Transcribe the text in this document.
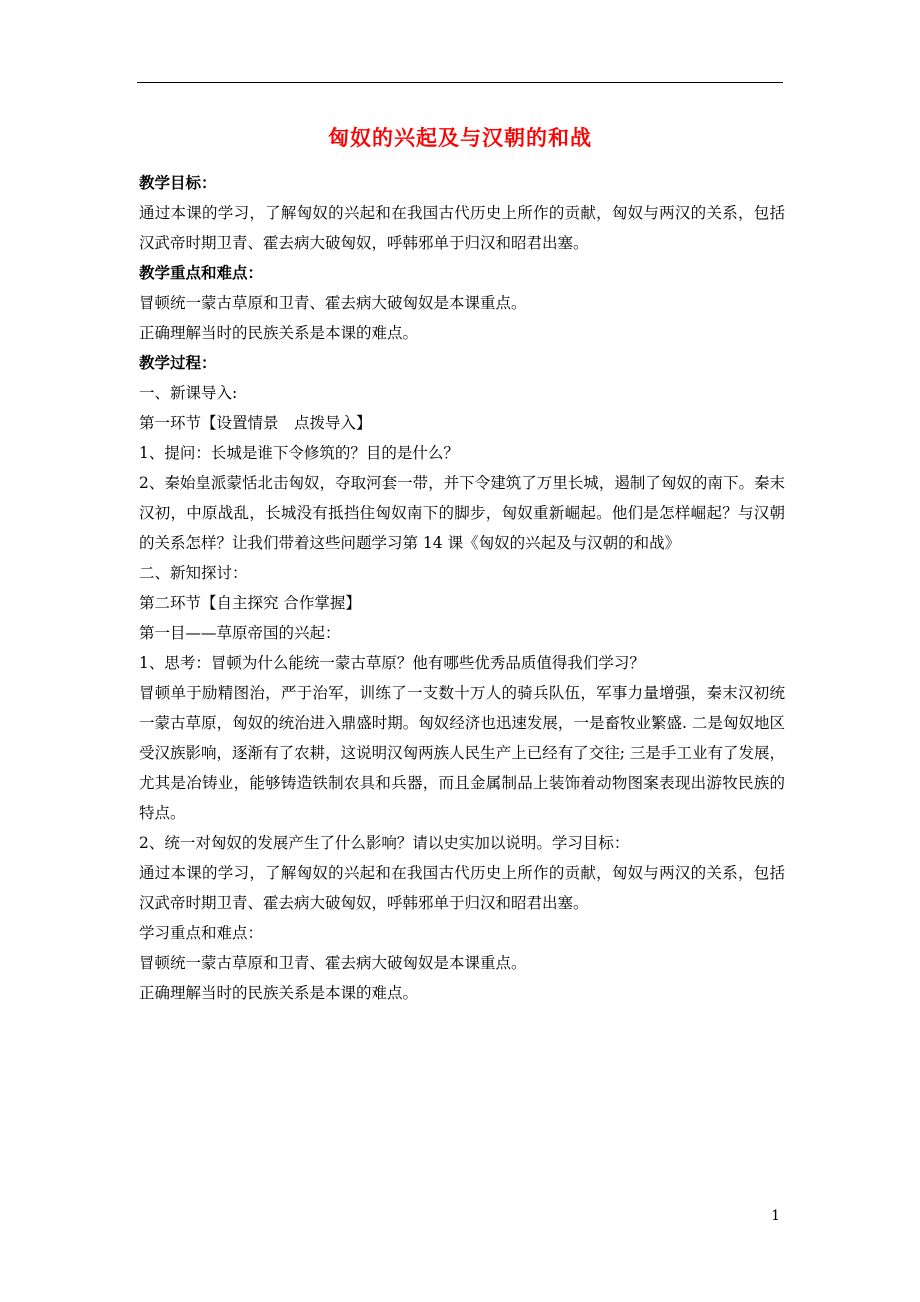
匈奴的兴起及与汉朝的和战

教学目标：

通过本课的学习，了解匈奴的兴起和在我国古代历史上所作的贡献，匈奴与两汉的关系，包括汉武帝时期卫青、霍去病大破匈奴，呼韩邪单于归汉和昭君出塞。

教学重点和难点：

冒顿统一蒙古草原和卫青、霍去病大破匈奴是本课重点。

正确理解当时的民族关系是本课的难点。

教学过程：

一、新课导入:

第一环节【设置情景　点拨导入】

1、提问：长城是谁下令修筑的？目的是什么？

2、秦始皇派蒙恬北击匈奴，夺取河套一带，并下令建筑了万里长城，遏制了匈奴的南下。秦末汉初，中原战乱，长城没有抵挡住匈奴南下的脚步，匈奴重新崛起。他们是怎样崛起？与汉朝的关系怎样？让我们带着这些问题学习第 14 课《匈奴的兴起及与汉朝的和战》

二、新知探讨：

第二环节【自主探究 合作掌握】

第一目——草原帝国的兴起：

1、思考：冒顿为什么能统一蒙古草原？他有哪些优秀品质值得我们学习？

冒顿单于励精图治，严于治军，训练了一支数十万人的骑兵队伍，军事力量增强，秦末汉初统一蒙古草原，匈奴的统治进入鼎盛时期。匈奴经济也迅速发展，一是畜牧业繁盛. 二是匈奴地区受汉族影响，逐渐有了农耕，这说明汉匈两族人民生产上已经有了交往; 三是手工业有了发展，尤其是冶铸业，能够铸造铁制农具和兵器，而且金属制品上装饰着动物图案表现出游牧民族的特点。

2、统一对匈奴的发展产生了什么影响？请以史实加以说明。学习目标：

通过本课的学习，了解匈奴的兴起和在我国古代历史上所作的贡献，匈奴与两汉的关系，包括汉武帝时期卫青、霍去病大破匈奴，呼韩邪单于归汉和昭君出塞。

学习重点和难点：

冒顿统一蒙古草原和卫青、霍去病大破匈奴是本课重点。

正确理解当时的民族关系是本课的难点。

1
